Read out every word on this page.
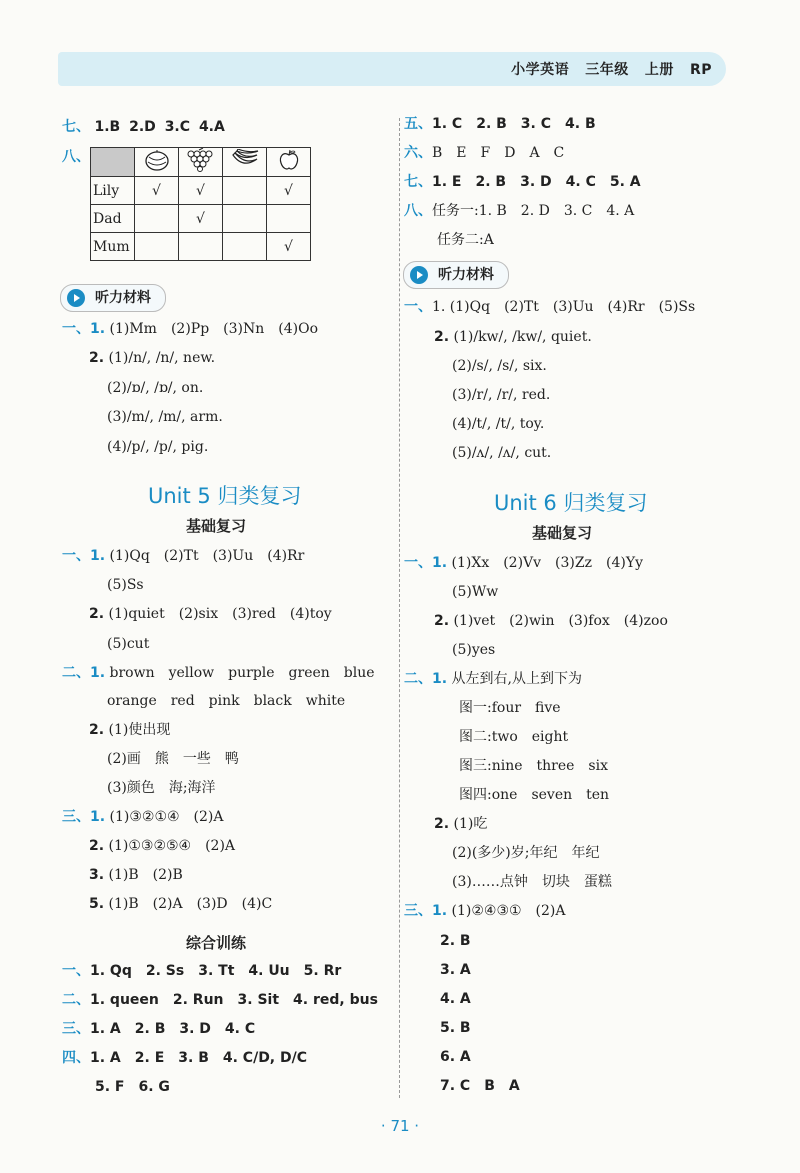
小学英语 三年级 上册 RP
七、 1.B 2.D 3.C 4.A
八、

Lily	√	√		√
Dad		√		
Mum				√
听力材料
一、1. (1)Mm　(2)Pp　(3)Nn　(4)Oo
2. (1)/n/, /n/, new.
(2)/ɒ/, /ɒ/, on.
(3)/m/, /m/, arm.
(4)/p/, /p/, pig.
Unit 5 归类复习
基础复习
一、1. (1)Qq　(2)Tt　(3)Uu　(4)Rr
(5)Ss
2. (1)quiet　(2)six　(3)red　(4)toy
(5)cut
二、1. brown　yellow　purple　green　blue
orange　red　pink　black　white
2. (1)使出现
(2)画　熊　一些　鸭
(3)颜色　海;海洋
三、1. (1)③②①④　(2)A
2. (1)①③②⑤④　(2)A
3. (1)B　(2)B
5. (1)B　(2)A　(3)D　(4)C
综合训练
一、1. Qq　2. Ss　3. Tt　4. Uu　5. Rr
二、1. queen　2. Run　3. Sit　4. red, bus
三、1. A　2. B　3. D　4. C
四、1. A　2. E　3. B　4. C/D, D/C
5. F　6. G
五、1. C　2. B　3. C　4. B
六、B　E　F　D　A　C
七、1. E　2. B　3. D　4. C　5. A
八、任务一:1. B　2. D　3. C　4. A
任务二:A
听力材料
一、1. (1)Qq　(2)Tt　(3)Uu　(4)Rr　(5)Ss
2. (1)/kw/, /kw/, quiet.
(2)/s/, /s/, six.
(3)/r/, /r/, red.
(4)/t/, /t/, toy.
(5)/ʌ/, /ʌ/, cut.
Unit 6 归类复习
基础复习
一、1. (1)Xx　(2)Vv　(3)Zz　(4)Yy
(5)Ww
2. (1)vet　(2)win　(3)fox　(4)zoo
(5)yes
二、1. 从左到右,从上到下为
图一:four　five
图二:two　eight
图三:nine　three　six
图四:one　seven　ten
2. (1)吃
(2)(多少)岁;年纪　年纪
(3)……点钟　切块　蛋糕
三、1. (1)②④③①　(2)A
2. B
3. A
4. A
5. B
6. A
7. C　B　A
· 71 ·
